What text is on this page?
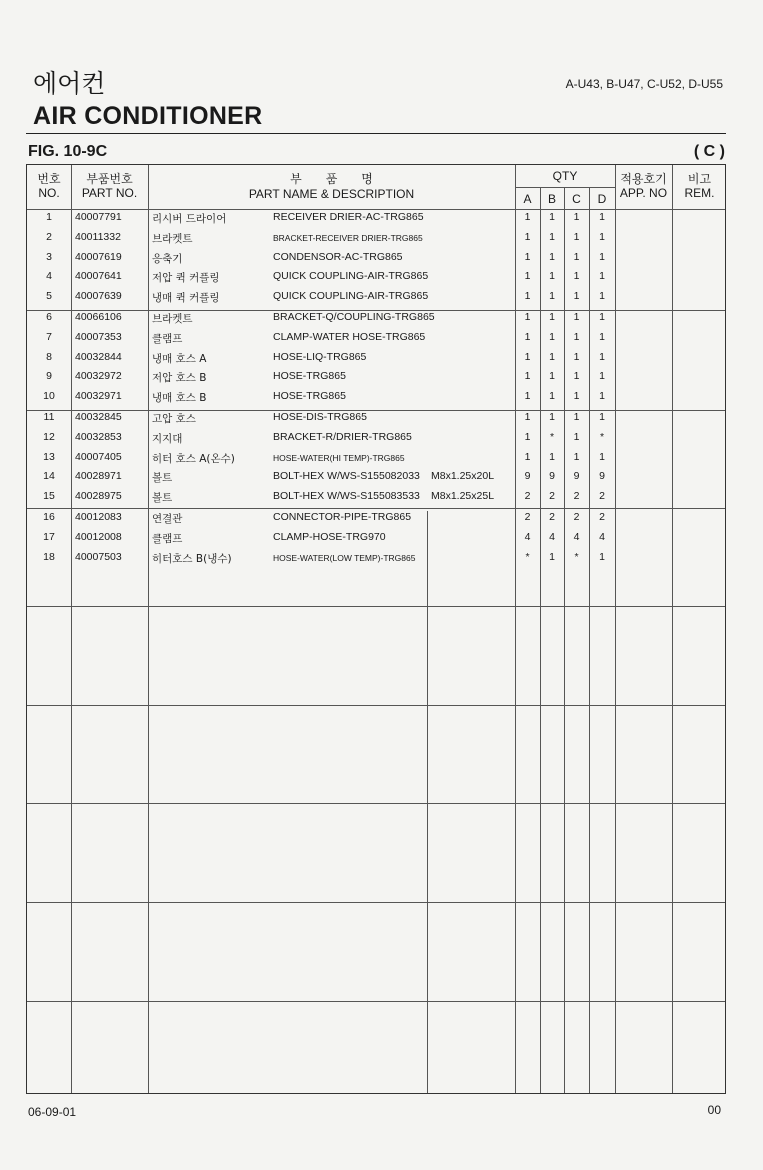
에어컨
AIR CONDITIONER
A-U43, B-U47, C-U52, D-U55
FIG. 10-9C	( C )
번호
NO.
부품번호
PART NO.
부　　품　　명
PART NAME & DESCRIPTION
QTY
A	B	C	D
적용호기
APP. NO
비고
REM.
1	40007791	리시버 드라이어	RECEIVER DRIER-AC-TRG865	1	1	1	1
2	40011332	브라켓트	BRACKET-RECEIVER DRIER-TRG865	1	1	1	1
3	40007619	응축기	CONDENSOR-AC-TRG865	1	1	1	1
4	40007641	저압 퀵 커플링	QUICK COUPLING-AIR-TRG865	1	1	1	1
5	40007639	냉매 퀵 커플링	QUICK COUPLING-AIR-TRG865	1	1	1	1
6	40066106	브라켓트	BRACKET-Q/COUPLING-TRG865	1	1	1	1
7	40007353	클램프	CLAMP-WATER HOSE-TRG865	1	1	1	1
8	40032844	냉매 호스 A	HOSE-LIQ-TRG865	1	1	1	1
9	40032972	저압 호스 B	HOSE-TRG865	1	1	1	1
10	40032971	냉매 호스 B	HOSE-TRG865	1	1	1	1
11	40032845	고압 호스	HOSE-DIS-TRG865	1	1	1	1
12	40032853	지지대	BRACKET-R/DRIER-TRG865	1	*	1	*
13	40007405	히터 호스 A(온수)	HOSE-WATER(HI TEMP)-TRG865	1	1	1	1
14	40028971	볼트	BOLT-HEX W/WS-S155082033	M8x1.25x20L	9	9	9	9
15	40028975	볼트	BOLT-HEX W/WS-S155083533	M8x1.25x25L	2	2	2	2
16	40012083	연결관	CONNECTOR-PIPE-TRG865	2	2	2	2
17	40012008	클램프	CLAMP-HOSE-TRG970	4	4	4	4
18	40007503	히터호스 B(냉수)	HOSE-WATER(LOW TEMP)-TRG865	*	1	*	1
06-09-01	00
